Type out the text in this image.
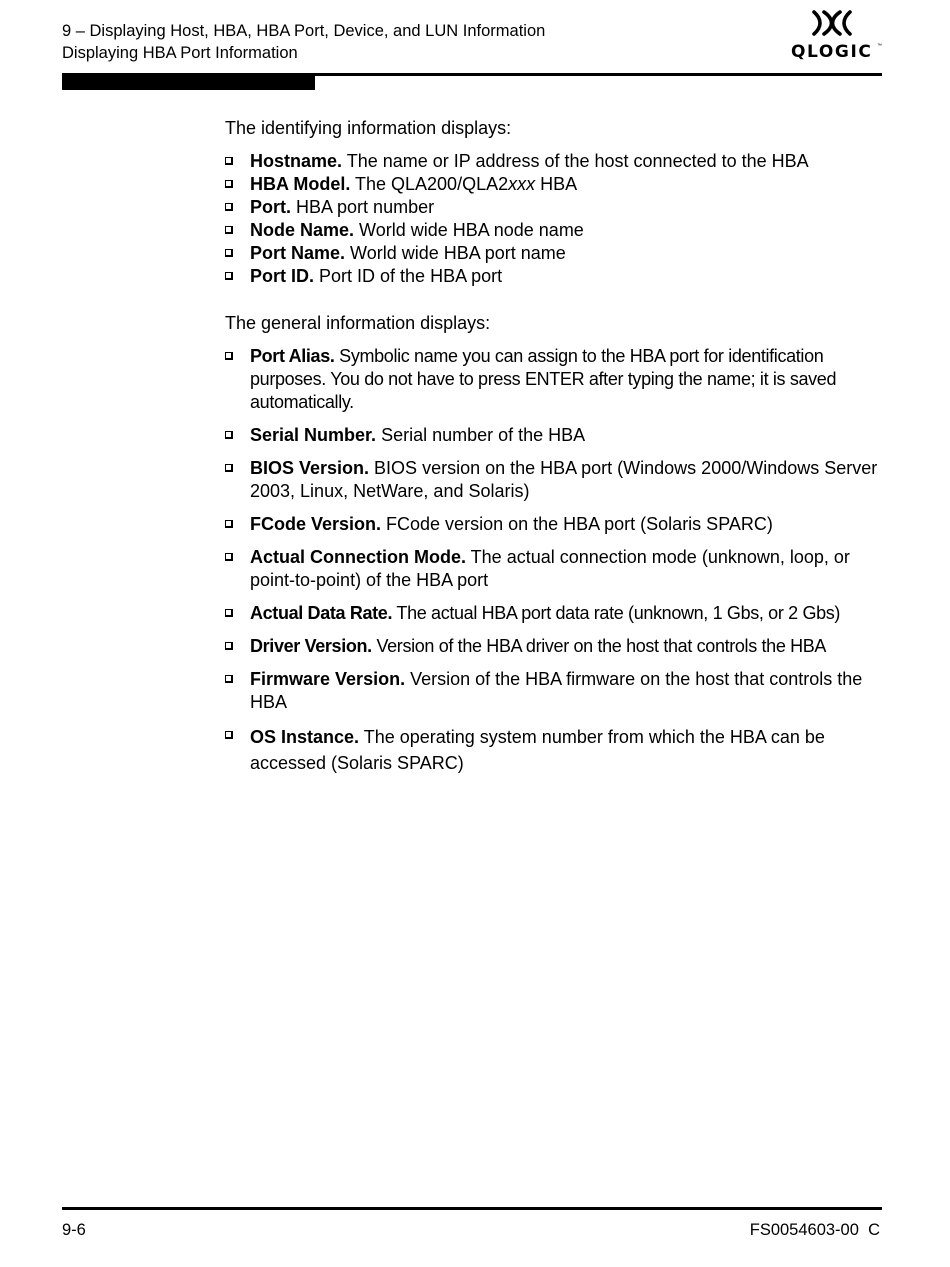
9 – Displaying Host, HBA, HBA Port, Device, and LUN Information
Displaying HBA Port Information	QLOGIC ™
The identifying information displays:
Hostname. The name or IP address of the host connected to the HBA
HBA Model. The QLA200/QLA2xxx HBA
Port. HBA port number
Node Name. World wide HBA node name
Port Name. World wide HBA port name
Port ID. Port ID of the HBA port
The general information displays:
Port Alias. Symbolic name you can assign to the HBA port for identification purposes. You do not have to press ENTER after typing the name; it is saved automatically.
Serial Number. Serial number of the HBA
BIOS Version. BIOS version on the HBA port (Windows 2000/Windows Server 2003, Linux, NetWare, and Solaris)
FCode Version. FCode version on the HBA port (Solaris SPARC)
Actual Connection Mode. The actual connection mode (unknown, loop, or point-to-point) of the HBA port
Actual Data Rate. The actual HBA port data rate (unknown, 1 Gbs, or 2 Gbs)
Driver Version. Version of the HBA driver on the host that controls the HBA
Firmware Version. Version of the HBA firmware on the host that controls the HBA
OS Instance. The operating system number from which the HBA can be accessed (Solaris SPARC)
9-6	FS0054603-00  C
